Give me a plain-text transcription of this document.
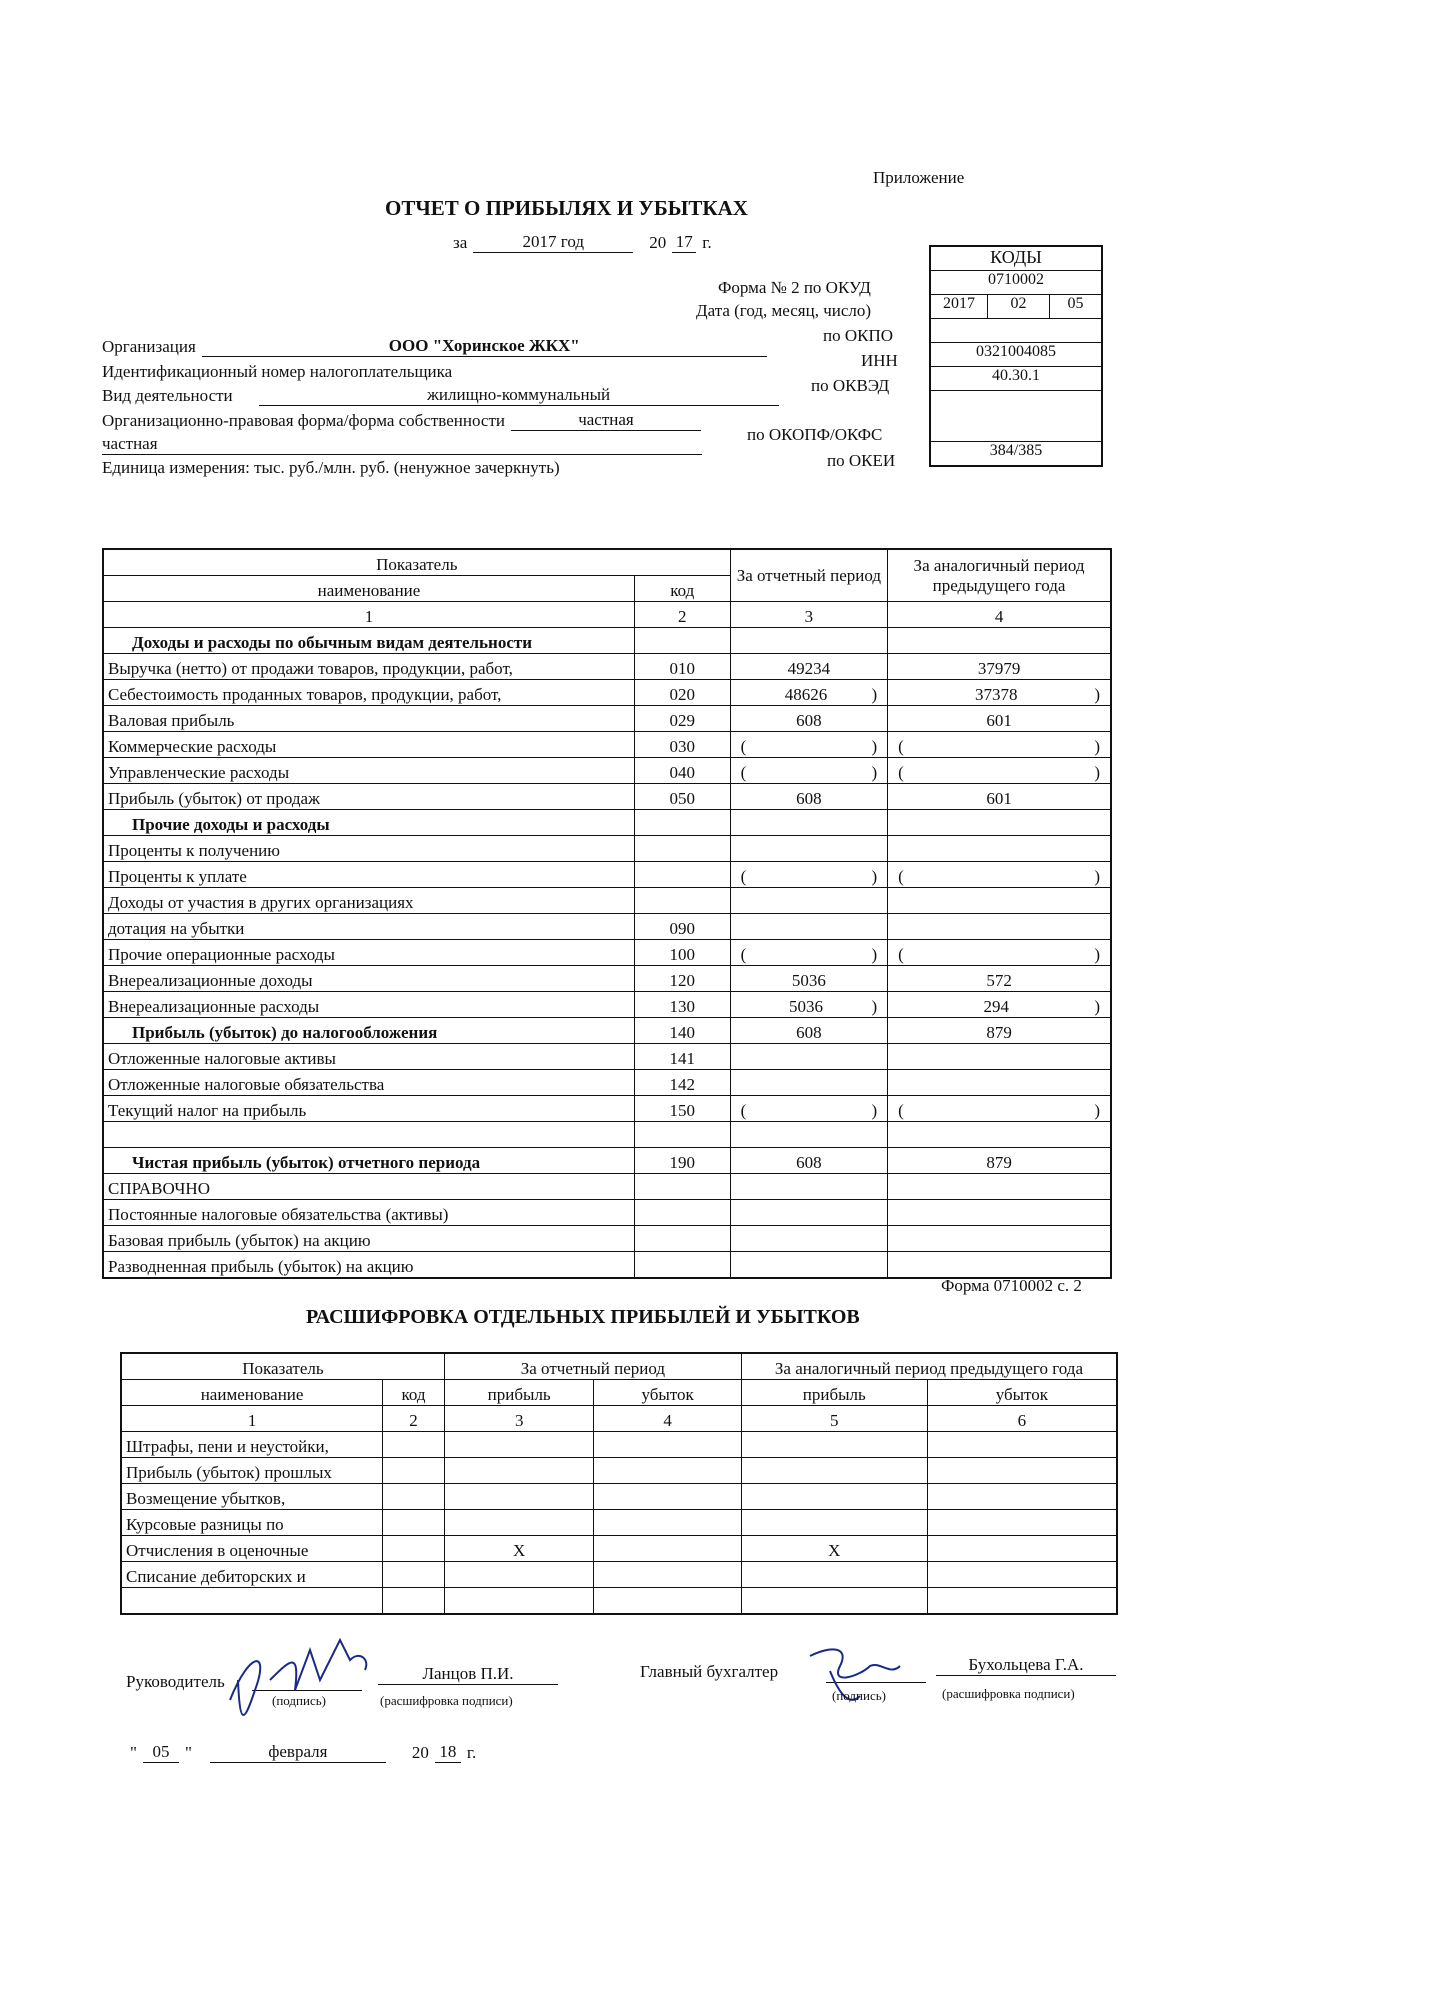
Приложение
ОТЧЕТ О ПРИБЫЛЯХ И УБЫТКАХ
за	2017 год	20 17 г.
Форма № 2 по ОКУД
Дата (год, месяц, число)
по ОКПО
ИНН
по ОКВЭД
по ОКОПФ/ОКФС
по ОКЕИ
КОДЫ
0710002
2017	02	05
0321004085
40.30.1
384/385
Организация	ООО "Хоринское ЖКХ"
Идентификационный номер налогоплательщика
Вид деятельности	жилищно-коммунальный
Организационно-правовая форма/форма собственности	частная
частная
Единица измерения: тыс. руб./млн. руб. (ненужное зачеркнуть)
Показатель		За отчетный период	За аналогичный период предыдущего года
наименование	код		
1	2	3	4
Доходы и расходы по обычным видам деятельности		

Выручка (нетто) от продажи товаров, продукции, работ,	010	49234	37979

Себестоимость проданных товаров, продукции, работ,	020	48626 )	37378 )

Валовая прибыль	029	608	601

Коммерческие расходы	030	( )	( )

Управленческие расходы	040	( )	( )

Прибыль (убыток) от продаж	050	608	601

Прочие доходы и расходы		

Проценты к получению		

Проценты к уплате		( )	( )

Доходы от участия в других организациях		

дотация на убытки	090	

Прочие операционные расходы	100	( )	( )

Внереализационные доходы	120	5036	572

Внереализационные расходы	130	5036 )	294 )

Прибыль (убыток) до налогообложения	140	608	879

Отложенные налоговые активы	141	

Отложенные налоговые обязательства	142	

Текущий налог на прибыль	150	( )	( )

Чистая прибыль (убыток) отчетного периода	190	608	879

СПРАВОЧНО		

Постоянные налоговые обязательства (активы)		

Базовая прибыль (убыток) на акцию		

Разводненная прибыль (убыток) на акцию		

Форма 0710002 с. 2
РАСШИФРОВКА ОТДЕЛЬНЫХ ПРИБЫЛЕЙ И УБЫТКОВ
Показатель		За отчетный период		За аналогичный период предыдущего года	
наименование	код	прибыль	убыток	прибыль	убыток
1	2	3	4	5	6
Штрафы, пени и неустойки,					
Прибыль (убыток) прошлых					
Возмещение убытков,					
Курсовые разницы по					
Отчисления в оценочные		X		X	
Списание дебиторских и					

Руководитель	Ланцов П.И.
(подпись)	(расшифровка подписи)
Главный бухгалтер	Бухольцева Г.А.
(подпись)	(расшифровка подписи)
" 05 "	февраля	20 18 г.
